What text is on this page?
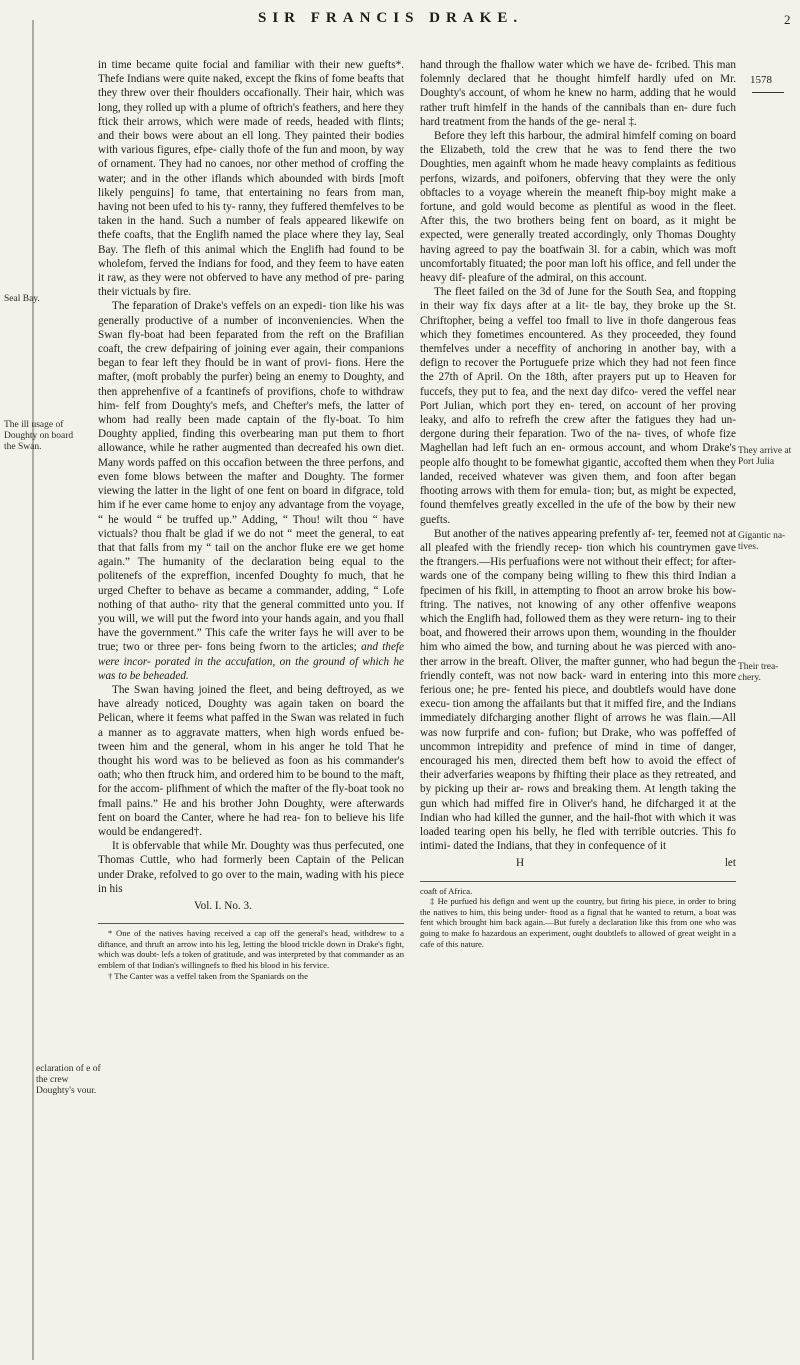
SIR FRANCIS DRAKE.	2
1578
Seal Bay.
The ill usage of Doughty on board the Swan.
eclaration of e of the crew Doughty's vour.
They arrive at Port Julia
Gigantic na- tives.
Their trea- chery.

in time became quite focial and familiar with their new guefts*. Thefe Indians were quite naked, except the fkins of fome beafts that they threw over their fhoulders occafionally. Their hair, which was long, they rolled up with a plume of oftrich's feathers, and here they ftick their arrows, which were made of reeds, headed with flints; and their bows were about an ell long. They painted their bodies with various figures, efpe- cially thofe of the fun and moon, by way of ornament. They had no canoes, nor other method of croffing the water; and in the other iflands which abounded with birds [moft likely penguins] fo tame, that entertaining no fears from man, having not been ufed to his ty- ranny, they fuffered themfelves to be taken in the hand. Such a number of feals appeared likewife on thefe coafts, that the Englifh named the place where they lay, Seal Bay. The flefh of this animal which the Englifh had found to be wholefom, ferved the Indians for food, and they feem to have eaten it raw, as they were not obferved to have any method of pre- paring their victuals by fire.

The feparation of Drake's veffels on an expedi- tion like his was generally productive of a number of inconveniencies. When the Swan fly-boat had been feparated from the reft on the Brafilian coaft, the crew defpairing of joining ever again, their companions began to fear left they fhould be in want of provi- fions. Here the mafter, (moft probably the purfer) being an enemy to Doughty, and then apprehenfive of a fcantinefs of provifions, chofe to withdraw him- felf from Doughty's mefs, and Chefter's mefs, the latter of whom had really been made captain of the fly-boat. To him Doughty applied, finding this overbearing man put them to fhort allowance, while he rather augmented than decreafed his own diet. Many words paffed on this occafion between the three perfons, and even fome blows between the mafter and Doughty. The former viewing the latter in the light of one fent on board in difgrace, told him if he ever came home to enjoy any advantage from the voyage, “ he would “ be truffed up.” Adding, “ Thou! wilt thou “ have victuals? thou fhalt be glad if we do not “ meet the general, to eat that that falls from my “ tail on the anchor fluke ere we get home again.” The humanity of the declaration being equal to the politenefs of the expreffion, incenfed Doughty fo much, that he urged Chefter to behave as became a commander, adding, “ Lofe nothing of that autho- rity that the general committed unto you. If you will, we will put the fword into your hands again, and you fhall have the government.” This cafe the writer fays he will aver to be true; two or three per- fons being fworn to the articles; and thefe were incor- porated in the accufation, on the ground of which he was to be beheaded.

The Swan having joined the fleet, and being deftroyed, as we have already noticed, Doughty was again taken on board the Pelican, where it feems what paffed in the Swan was related in fuch a manner as to aggravate matters, when high words enfued be- tween him and the general, whom in his anger he told That he thought his word was to be believed as foon as his commander's oath; who then ftruck him, and ordered him to be bound to the maft, for the accom- plifhment of which the mafter of the fly-boat took no fmall pains.” He and his brother John Doughty, were afterwards fent on board the Canter, where he had rea- fon to believe his life would be endangered†.

It is obfervable that while Mr. Doughty was thus perfecuted, one Thomas Cuttle, who had formerly been Captain of the Pelican under Drake, refolved to go over to the main, wading with his piece in his

Vol. I. No. 3.

* One of the natives having received a cap off the general's head, withdrew to a diftance, and thruft an arrow into his leg, letting the blood trickle down in Drake's fight, which was doubt- lefs a token of gratitude, and was interpreted by that commander as an emblem of that Indian's willingnefs to fhed his blood in his fervice.

† The Canter was a veffel taken from the Spaniards on the

hand through the fhallow water which we have de- fcribed. This man folemnly declared that he thought himfelf hardly ufed on Mr. Doughty's account, of whom he knew no harm, adding that he would rather truft himfelf in the hands of the cannibals than en- dure fuch hard treatment from the hands of the ge- neral ‡.

Before they left this harbour, the admiral himfelf coming on board the Elizabeth, told the crew that he was to fend there the two Doughties, men againft whom he made heavy complaints as feditious perfons, wizards, and poifoners, obferving that they were the only obftacles to a voyage wherein the meaneft fhip-boy might make a fortune, and gold would become as plentiful as wood in the fleet. After this, the two brothers being fent on board, as it might be expected, were generally treated accordingly, only Thomas Doughty having agreed to pay the boatfwain 3l. for a cabin, which was moft uncomfortably fituated; the poor man loft his office, and fell under the heavy dif- pleafure of the admiral, on this account.

The fleet failed on the 3d of June for the South Sea, and ftopping in their way fix days after at a lit- tle bay, they broke up the St. Chriftopher, being a veffel too fmall to live in thofe dangerous feas which they fometimes encountered. As they proceeded, they found themfelves under a neceffity of anchoring in another bay, with a defign to recover the Portuguefe prize which they had not feen fince the 27th of April. On the 18th, after prayers put up to Heaven for fuccefs, they put to fea, and the next day difco- vered the veffel near Port Julian, which port they en- tered, on account of her proving leaky, and alfo to refrefh the crew after the fatigues they had un- dergone during their feparation. Two of the na- tives, of whofe fize Maghellan had left fuch an en- ormous account, and whom Drake's people alfo thought to be fomewhat gigantic, accofted them when they landed, received whatever was given them, and foon after began fhooting arrows with them for emula- tion; but, as might be expected, found themfelves greatly excelled in the ufe of the bow by their new guefts.

But another of the natives appearing prefently af- ter, feemed not at all pleafed with the friendly recep- tion which his countrymen gave the ftrangers.—His perfuafions were not without their effect; for after- wards one of the company being willing to fhew this third Indian a fpecimen of his fkill, in attempting to fhoot an arrow broke his bow-ftring. The natives, not knowing of any other offenfive weapons which the Englifh had, followed them as they were return- ing to their boat, and fhowered their arrows upon them, wounding in the fhoulder him who aimed the bow, and turning about he was pierced with ano- ther arrow in the breaft. Oliver, the mafter gunner, who had begun the friendly conteft, was not now back- ward in entering into this more ferious one; he pre- fented his piece, and doubtlefs would have done execu- tion among the affailants but that it miffed fire, and the Indians immediately difcharging another flight of arrows he was flain.—All was now furprife and con- fufion; but Drake, who was poffeffed of uncommon intrepidity and prefence of mind in time of danger, encouraged his men, directed them beft how to avoid the effect of their adverfaries weapons by fhifting their place as they retreated, and by picking up their ar- rows and breaking them. At length taking the gun which had miffed fire in Oliver's hand, he difcharged it at the Indian who had killed the gunner, and the hail-fhot with which it was loaded tearing open his belly, he fled with terrible outcries. This fo intimi- dated the Indians, that they in confequence of it

H	let

coaft of Africa.

‡ He purfued his defign and went up the country, but firing his piece, in order to bring the natives to him, this being under- ftood as a fignal that he wanted to return, a boat was fent which brought him back again.—But furely a declaration like this from one who was going to make fo hazardous an experiment, ought doubtlefs to allowed of great weight in a cafe of this nature.
